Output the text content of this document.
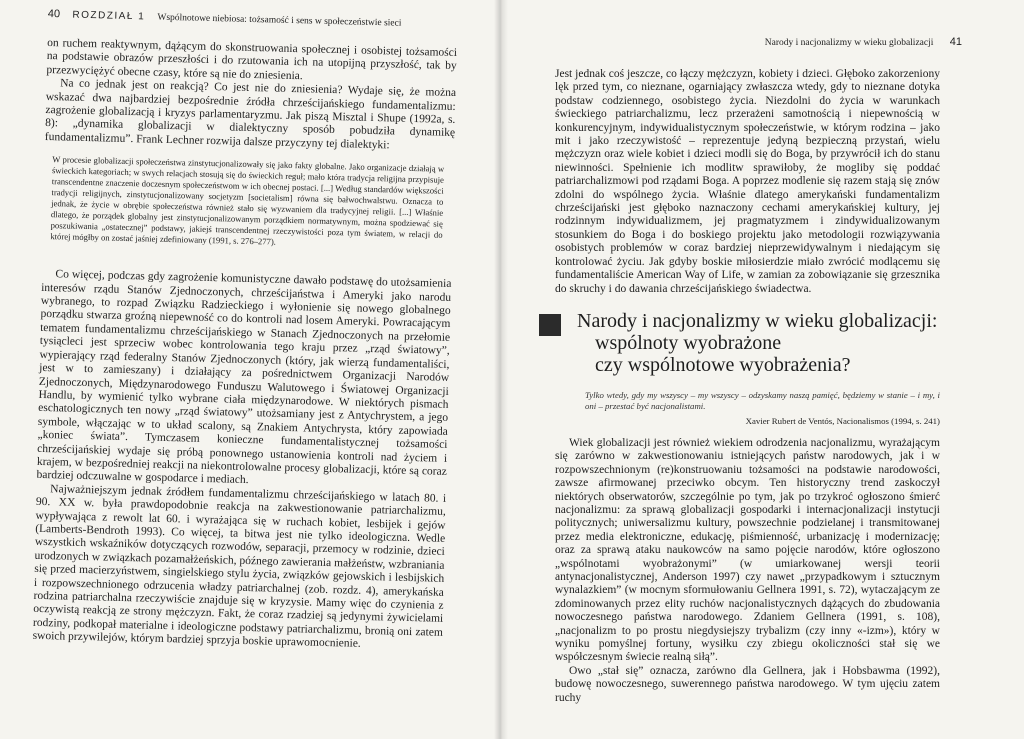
40 ROZDZIAŁ 1 Wspólnotowe niebiosa: tożsamość i sens w społeczeństwie sieci

on ruchem reaktywnym, dążącym do skonstruowania społecznej i osobistej tożsamości na podstawie obrazów przeszłości i do rzutowania ich na utopijną przyszłość, tak by przezwyciężyć obecne czasy, które są nie do zniesienia.

Na co jednak jest on reakcją? Co jest nie do zniesienia? Wydaje się, że można wskazać dwa najbardziej bezpośrednie źródła chrześcijańskiego fundamentalizmu: zagrożenie globalizacją i kryzys parlamentaryzmu. Jak piszą Misztal i Shupe (1992a, s. 8): „dynamika globalizacji w dialektyczny sposób pobudziła dynamikę fundamentalizmu”. Frank Lechner rozwija dalsze przyczyny tej dialektyki:

W procesie globalizacji społeczeństwa zinstytucjonalizowały się jako fakty globalne. Jako organizacje działają w świeckich kategoriach; w swych relacjach stosują się do świeckich reguł; mało która tradycja religijna przypisuje transcendentne znaczenie doczesnym społeczeństwom w ich obecnej postaci. [...] Według standardów większości tradycji religijnych, zinstytucjonalizowany socjetyzm [societalism] równa się bałwochwalstwu. Oznacza to jednak, że życie w obrębie społeczeństwa również stało się wyzwaniem dla tradycyjnej religii. [...] Właśnie dlatego, że porządek globalny jest zinstytucjonalizowanym porządkiem normatywnym, można spodziewać się poszukiwania „ostatecznej” podstawy, jakiejś transcendentnej rzeczywistości poza tym światem, w relacji do której mógłby on zostać jaśniej zdefiniowany (1991, s. 276–277).

Co więcej, podczas gdy zagrożenie komunistyczne dawało podstawę do utożsamienia interesów rządu Stanów Zjednoczonych, chrześcijaństwa i Ameryki jako narodu wybranego, to rozpad Związku Radzieckiego i wyłonienie się nowego globalnego porządku stwarza groźną niepewność co do kontroli nad losem Ameryki. Powracającym tematem fundamentalizmu chrześcijańskiego w Stanach Zjednoczonych na przełomie tysiącleci jest sprzeciw wobec kontrolowania tego kraju przez „rząd światowy”, wypierający rząd federalny Stanów Zjednoczonych (który, jak wierzą fundamentaliści, jest w to zamieszany) i działający za pośrednictwem Organizacji Narodów Zjednoczonych, Międzynarodowego Funduszu Walutowego i Światowej Organizacji Handlu, by wymienić tylko wybrane ciała międzynarodowe. W niektórych pismach eschatologicznych ten nowy „rząd światowy” utożsamiany jest z Antychrystem, a jego symbole, włączając w to układ scalony, są Znakiem Antychrysta, który zapowiada „koniec świata”. Tymczasem konieczne fundamentalistycznej tożsamości chrześcijańskiej wydaje się próbą ponownego ustanowienia kontroli nad życiem i krajem, w bezpośredniej reakcji na niekontrolowalne procesy globalizacji, które są coraz bardziej odczuwalne w gospodarce i mediach.

Najważniejszym jednak źródłem fundamentalizmu chrześcijańskiego w latach 80. i 90. XX w. była prawdopodobnie reakcja na zakwestionowanie patriarchalizmu, wypływająca z rewolt lat 60. i wyrażająca się w ruchach kobiet, lesbijek i gejów (Lamberts-Bendroth 1993). Co więcej, ta bitwa jest nie tylko ideologiczna. Wedle wszystkich wskaźników dotyczących rozwodów, separacji, przemocy w rodzinie, dzieci urodzonych w związkach pozamałżeńskich, późnego zawierania małżeństw, wzbraniania się przed macierzyństwem, singielskiego stylu życia, związków gejowskich i lesbijskich i rozpowszechnionego odrzucenia władzy patriarchalnej (zob. rozdz. 4), amerykańska rodzina patriarchalna rzeczywiście znajduje się w kryzysie. Mamy więc do czynienia z oczywistą reakcją ze strony mężczyzn. Fakt, że coraz rzadziej są jedynymi żywicielami rodziny, podkopał materialne i ideologiczne podstawy patriarchalizmu, bronią oni zatem swoich przywilejów, którym bardziej sprzyja boskie uprawomocnienie.

Narody i nacjonalizmy w wieku globalizacji 41

Jest jednak coś jeszcze, co łączy mężczyzn, kobiety i dzieci. Głęboko zakorzeniony lęk przed tym, co nieznane, ogarniający zwłaszcza wtedy, gdy to nieznane dotyka podstaw codziennego, osobistego życia. Niezdolni do życia w warunkach świeckiego patriarchalizmu, lecz przerażeni samotnością i niepewnością w konkurencyjnym, indywidualistycznym społeczeństwie, w którym rodzina – jako mit i jako rzeczywistość – reprezentuje jedyną bezpieczną przystań, wielu mężczyzn oraz wiele kobiet i dzieci modli się do Boga, by przywrócił ich do stanu niewinności. Spełnienie ich modlitw sprawiłoby, że mogliby się poddać patriarchalizmowi pod rządami Boga. A poprzez modlenie się razem stają się znów zdolni do wspólnego życia. Właśnie dlatego amerykański fundamentalizm chrześcijański jest głęboko naznaczony cechami amerykańskiej kultury, jej rodzinnym indywidualizmem, jej pragmatyzmem i zindywidualizowanym stosunkiem do Boga i do boskiego projektu jako metodologii rozwiązywania osobistych problemów w coraz bardziej nieprzewidywalnym i niedającym się kontrolować życiu. Jak gdyby boskie miłosierdzie miało zwrócić modlącemu się fundamentaliście American Way of Life, w zamian za zobowiązanie się grzesznika do skruchy i do dawania chrześcijańskiego świadectwa.

Narody i nacjonalizmy w wieku globalizacji:
wspólnoty wyobrażone
czy wspólnotowe wyobrażenia?

Tylko wtedy, gdy my wszyscy – my wszyscy – odzyskamy naszą pamięć, będziemy w stanie – i my, i oni – przestać być nacjonalistami.

Xavier Rubert de Ventós, Nacionalismos (1994, s. 241)

Wiek globalizacji jest również wiekiem odrodzenia nacjonalizmu, wyrażającym się zarówno w zakwestionowaniu istniejących państw narodowych, jak i w rozpowszechnionym (re)konstruowaniu tożsamości na podstawie narodowości, zawsze afirmowanej przeciwko obcym. Ten historyczny trend zaskoczył niektórych obserwatorów, szczególnie po tym, jak po trzykroć ogłoszono śmierć nacjonalizmu: za sprawą globalizacji gospodarki i internacjonalizacji instytucji politycznych; uniwersalizmu kultury, powszechnie podzielanej i transmitowanej przez media elektroniczne, edukację, piśmienność, urbanizację i modernizację; oraz za sprawą ataku naukowców na samo pojęcie narodów, które ogłoszono „wspólnotami wyobrażonymi” (w umiarkowanej wersji teorii antynacjonalistycznej, Anderson 1997) czy nawet „przypadkowym i sztucznym wynalazkiem” (w mocnym sformułowaniu Gellnera 1991, s. 72), wytaczającym ze zdominowanych przez elity ruchów nacjonalistycznych dążących do zbudowania nowoczesnego państwa narodowego. Zdaniem Gellnera (1991, s. 108), „nacjonalizm to po prostu niegdysiejszy trybalizm (czy inny «-izm»), który w wyniku pomyślnej fortuny, wysiłku czy zbiegu okoliczności stał się we współczesnym świecie realną siłą”.

Owo „stał się” oznacza, zarówno dla Gellnera, jak i Hobsbawma (1992), budowę nowoczesnego, suwerennego państwa narodowego. W tym ujęciu zatem ruchy
